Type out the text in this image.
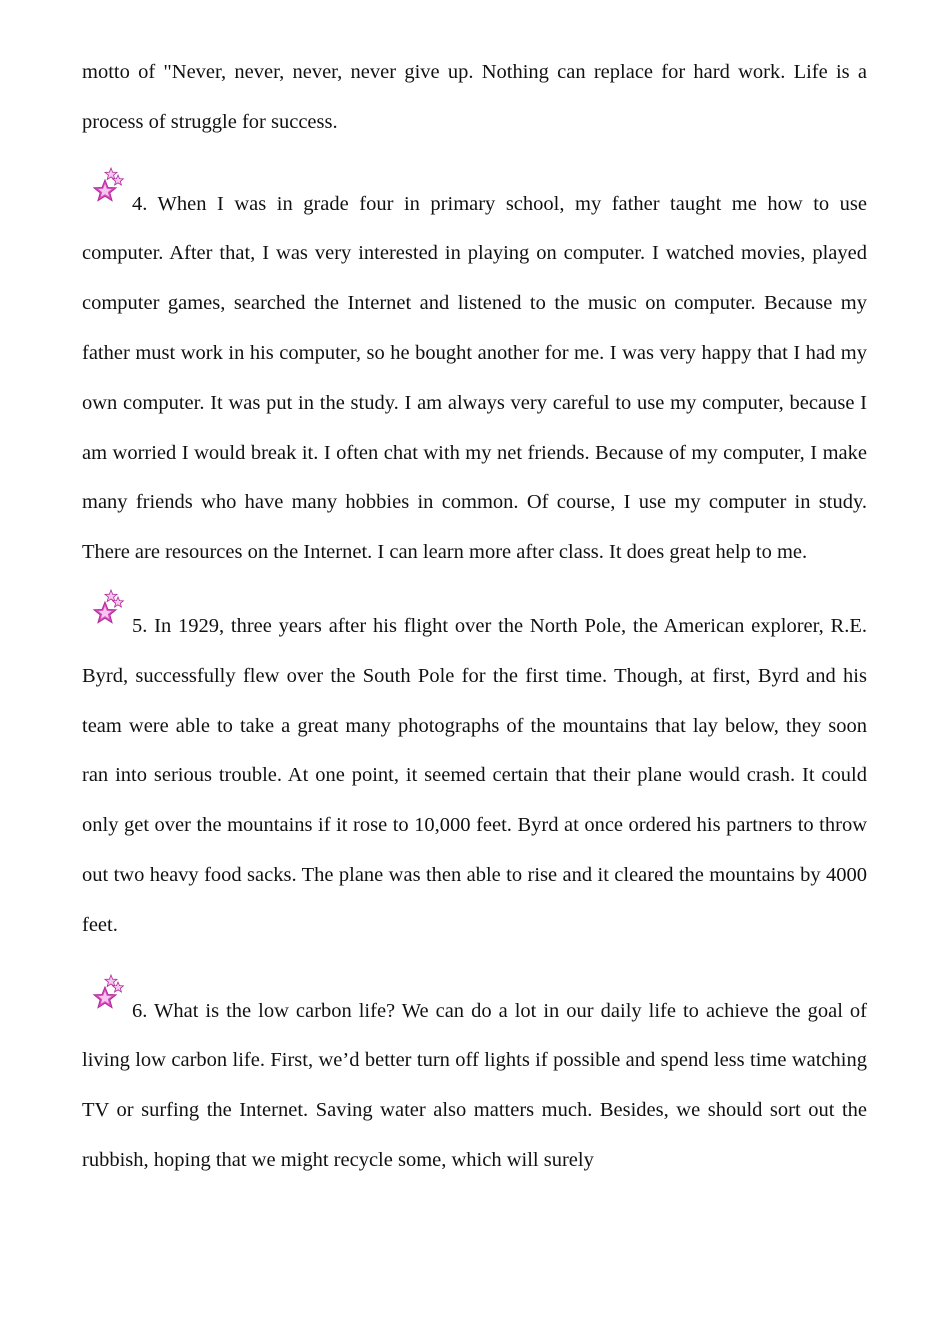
motto of "Never, never, never, never give up. Nothing can replace for hard work. Life is a process of struggle for success.

4. When I was in grade four in primary school, my father taught me how to use computer. After that, I was very interested in playing on computer. I watched movies, played computer games, searched the Internet and listened to the music on computer. Because my father must work in his computer, so he bought another for me. I was very happy that I had my own computer. It was put in the study. I am always very careful to use my computer, because I am worried I would break it. I often chat with my net friends. Because of my computer, I make many friends who have many hobbies in common. Of course, I use my computer in study. There are resources on the Internet. I can learn more after class. It does great help to me.

5. In 1929, three years after his flight over the North Pole, the American explorer, R.E. Byrd, successfully flew over the South Pole for the first time. Though, at first, Byrd and his team were able to take a great many photographs of the mountains that lay below, they soon ran into serious trouble. At one point, it seemed certain that their plane would crash. It could only get over the mountains if it rose to 10,000 feet. Byrd at once ordered his partners to throw out two heavy food sacks. The plane was then able to rise and it cleared the mountains by 4000 feet.

6. What is the low carbon life? We can do a lot in our daily life to achieve the goal of living low carbon life. First, we’d better turn off lights if possible and spend less time watching TV or surfing the Internet. Saving water also matters much. Besides, we should sort out the rubbish, hoping that we might recycle some, which will surely
